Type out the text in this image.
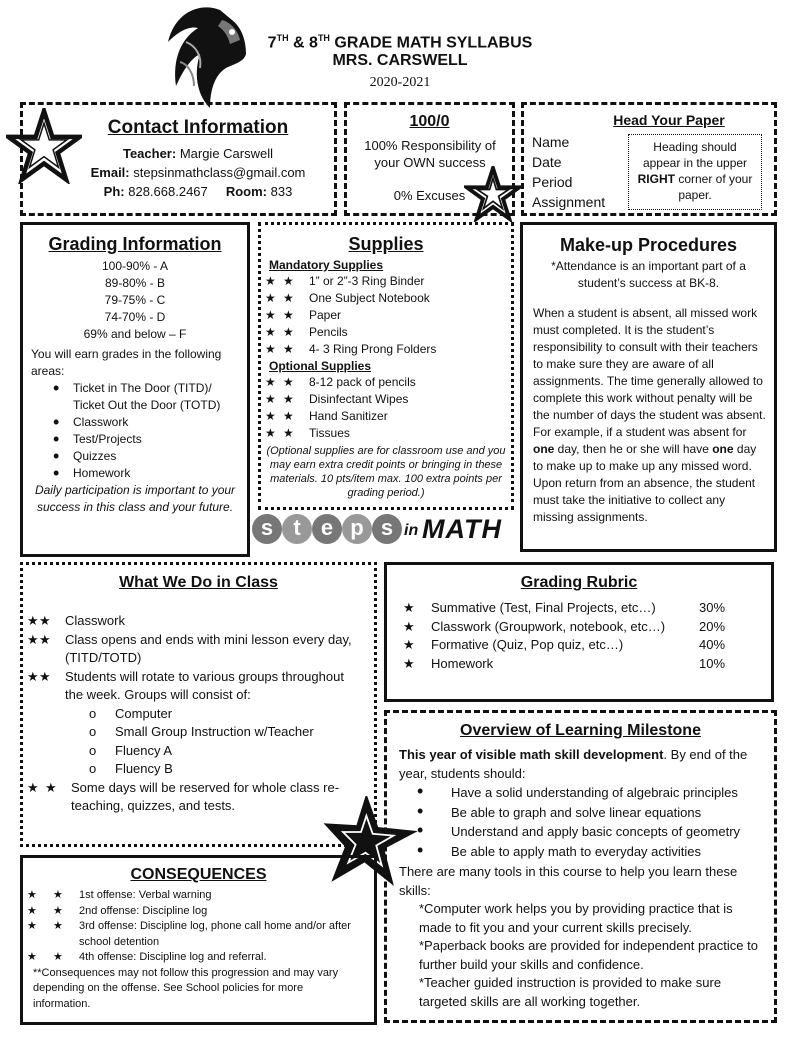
7TH & 8TH GRADE MATH SYLLABUS
MRS. CARSWELL
2020-2021
Contact Information
Teacher: Margie Carswell
Email: stepsinmathclass@gmail.com
Ph: 828.668.2467 Room: 833
100/0
100% Responsibility of your OWN success
0% Excuses
Head Your Paper
Name
Date
Period
Assignment
Heading should appear in the upper RIGHT corner of your paper.
Grading Information
100-90% - A
89-80% - B
79-75% - C
74-70% - D
69% and below – F
You will earn grades in the following areas:
• Ticket in The Door (TITD)/ Ticket Out the Door (TOTD)
• Classwork
• Test/Projects
• Quizzes
• Homework
Daily participation is important to your success in this class and your future.
Supplies
Mandatory Supplies
★ ★ 1” or 2”-3 Ring Binder
★ ★ One Subject Notebook
★ ★ Paper
★ ★ Pencils
★ ★ 4- 3 Ring Prong Folders
Optional Supplies
★ ★ 8-12 pack of pencils
★ ★ Disinfectant Wipes
★ ★ Hand Sanitizer
★ ★ Tissues
(Optional supplies are for classroom use and you may earn extra credit points or bringing in these materials. 10 pts/item max. 100 extra points per grading period.)
s t e p s in MATH
Make-up Procedures
*Attendance is an important part of a student’s success at BK-8.
When a student is absent, all missed work must completed. It is the student’s responsibility to consult with their teachers to make sure they are aware of all assignments. The time generally allowed to complete this work without penalty will be the number of days the student was absent. For example, if a student was absent for one day, then he or she will have one day to make up to make up any missed word. Upon return from an absence, the student must take the initiative to collect any missing assignments.
What We Do in Class
★ ★ Classwork
★ ★ Class opens and ends with mini lesson every day, (TITD/TOTD)
★ ★ Students will rotate to various groups throughout the week. Groups will consist of:
o Computer
o Small Group Instruction w/Teacher
o Fluency A
o Fluency B
★ ★ Some days will be reserved for whole class re-teaching, quizzes, and tests.
Grading Rubric
★ Summative (Test, Final Projects, etc…)	30%
★ Classwork (Groupwork, notebook, etc…)	20%
★ Formative (Quiz, Pop quiz, etc…)	40%
★ Homework	10%
Overview of Learning Milestone
This year of visible math skill development. By end of the year, students should:
• Have a solid understanding of algebraic principles
• Be able to graph and solve linear equations
• Understand and apply basic concepts of geometry
• Be able to apply math to everyday activities
There are many tools in this course to help you learn these skills:
*Computer work helps you by providing practice that is made to fit you and your current skills precisely.
*Paperback books are provided for independent practice to further build your skills and confidence.
*Teacher guided instruction is provided to make sure targeted skills are all working together.
CONSEQUENCES
★ ★ 1st offense: Verbal warning
★ ★ 2nd offense: Discipline log
★ ★ 3rd offense: Discipline log, phone call home and/or after school detention
★ ★ 4th offense: Discipline log and referral.
**Consequences may not follow this progression and may vary depending on the offense. See School policies for more information.
